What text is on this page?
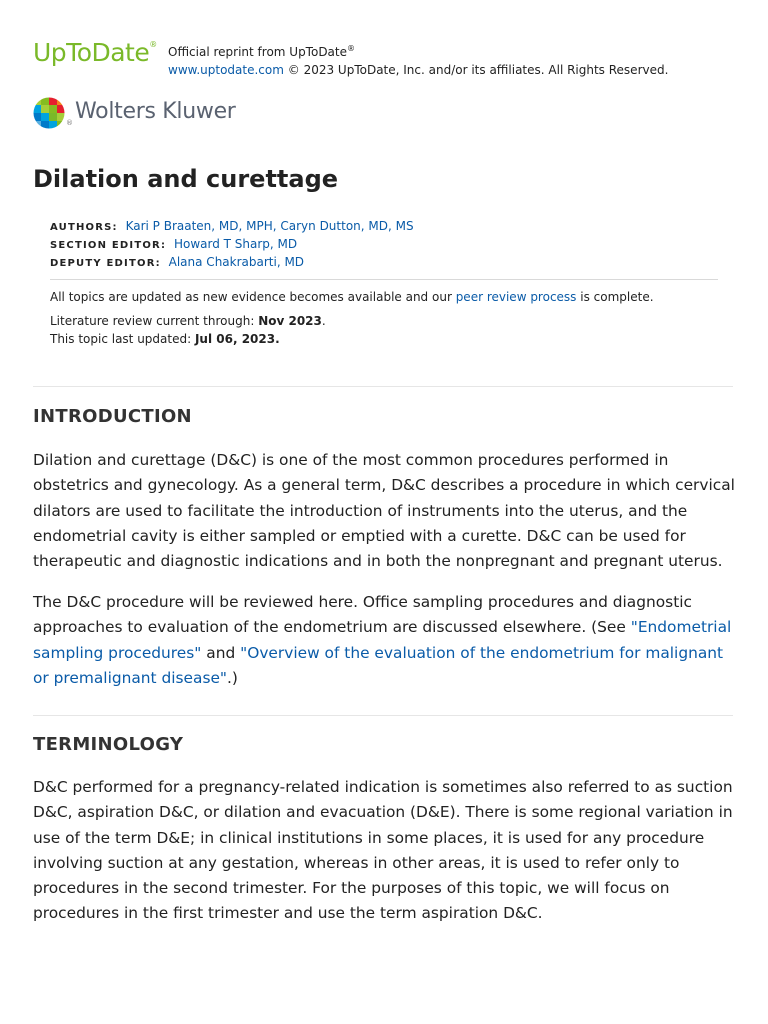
UpToDate®
Official reprint from UpToDate®
www.uptodate.com © 2023 UpToDate, Inc. and/or its affiliates. All Rights Reserved.
® Wolters Kluwer
Dilation and curettage
AUTHORS: Kari P Braaten, MD, MPH, Caryn Dutton, MD, MS
SECTION EDITOR: Howard T Sharp, MD
DEPUTY EDITOR: Alana Chakrabarti, MD
All topics are updated as new evidence becomes available and our peer review process is complete.
Literature review current through: Nov 2023.
This topic last updated: Jul 06, 2023.
INTRODUCTION

Dilation and curettage (D&C) is one of the most common procedures performed in obstetrics and gynecology. As a general term, D&C describes a procedure in which cervical dilators are used to facilitate the introduction of instruments into the uterus, and the endometrial cavity is either sampled or emptied with a curette. D&C can be used for therapeutic and diagnostic indications and in both the nonpregnant and pregnant uterus.

The D&C procedure will be reviewed here. Office sampling procedures and diagnostic approaches to evaluation of the endometrium are discussed elsewhere. (See "Endometrial sampling procedures" and "Overview of the evaluation of the endometrium for malignant or premalignant disease".)

TERMINOLOGY

D&C performed for a pregnancy-related indication is sometimes also referred to as suction D&C, aspiration D&C, or dilation and evacuation (D&E). There is some regional variation in use of the term D&E; in clinical institutions in some places, it is used for any procedure involving suction at any gestation, whereas in other areas, it is used to refer only to procedures in the second trimester. For the purposes of this topic, we will focus on procedures in the first trimester and use the term aspiration D&C.
